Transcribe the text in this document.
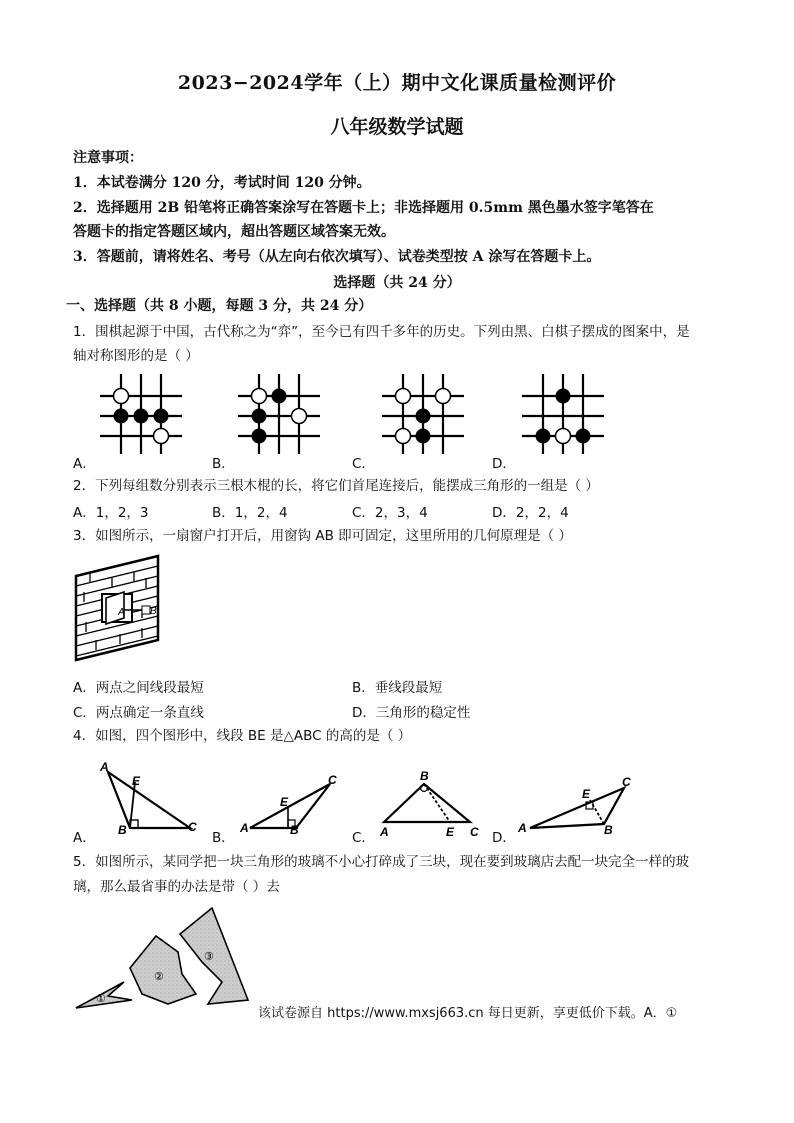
2023−2024学年（上）期中文化课质量检测评价
八年级数学试题
注意事项：
1．本试卷满分 120 分，考试时间 120 分钟。
2．选择题用 2B 铅笔将正确答案涂写在答题卡上；非选择题用 0.5mm 黑色墨水签字笔答在
答题卡的指定答题区域内，超出答题区域答案无效。
3．答题前，请将姓名、考号（从左向右依次填写）、试卷类型按 A 涂写在答题卡上。
选择题（共 24 分）
一、选择题（共 8 小题，每题 3 分，共 24 分）
1．围棋起源于中国，古代称之为“弈”，至今已有四千多年的历史。下列由黑、白棋子摆成的图案中，是
轴对称图形的是（ ）
A．	B．	C．	D．
2．下列每组数分别表示三根木棍的长，将它们首尾连接后，能摆成三角形的一组是（ ）
A．1，2，3	B．1，2，4	C．2，3，4	D．2，2，4
3．如图所示，一扇窗户打开后，用窗钩 AB 即可固定，这里所用的几何原理是（ ）
A	B
A．两点之间线段最短	B．垂线段最短
C．两点确定一条直线	D．三角形的稳定性
4．如图，四个图形中，线段 BE 是△ABC 的高的是（ ）
A
E
B	C	A
E
B
C	B
A	E C	A
E
C
B
A．	B．	C．	D．
5．如图所示，某同学把一块三角形的玻璃不小心打碎成了三块，现在要到玻璃店去配一块完全一样的玻
璃，那么最省事的办法是带（ ）去
①
②
③
该试卷源自 https://www.mxsj663.cn 每日更新，享更低价下载。A．①
